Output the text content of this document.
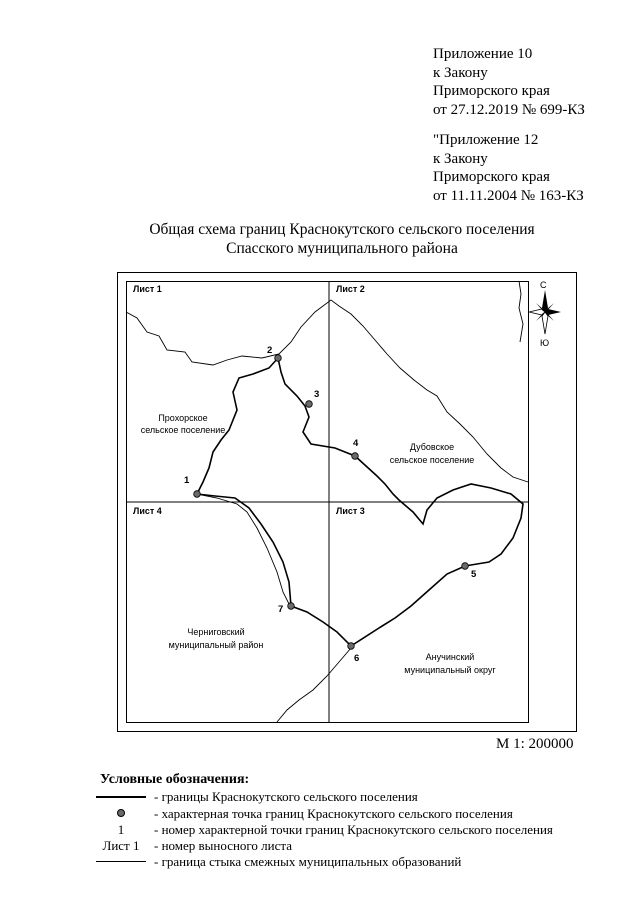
Приложение 10
к Закону
Приморского края
от 27.12.2019 № 699-КЗ
"Приложение 12
к Закону
Приморского края
от 11.11.2004 № 163-КЗ
Общая схема границ Краснокутского сельского поселения
Спасского муниципального района
С
Ю
Лист 1	Лист 2
Лист 3
Лист 4
Прохорское
сельское поселение
Дубовское
сельское поселение
Черниговский
муниципальный район
Анучинский
муниципальный округ
1
2
3
4
5
6
7
М 1: 200000
Условные обозначения:
- границы Краснокутского сельского поселения
- характерная точка границ Краснокутского сельского поселения
1	- номер характерной точки границ Краснокутского сельского поселения
Лист 1	- номер выносного листа
- граница стыка смежных муниципальных образований
